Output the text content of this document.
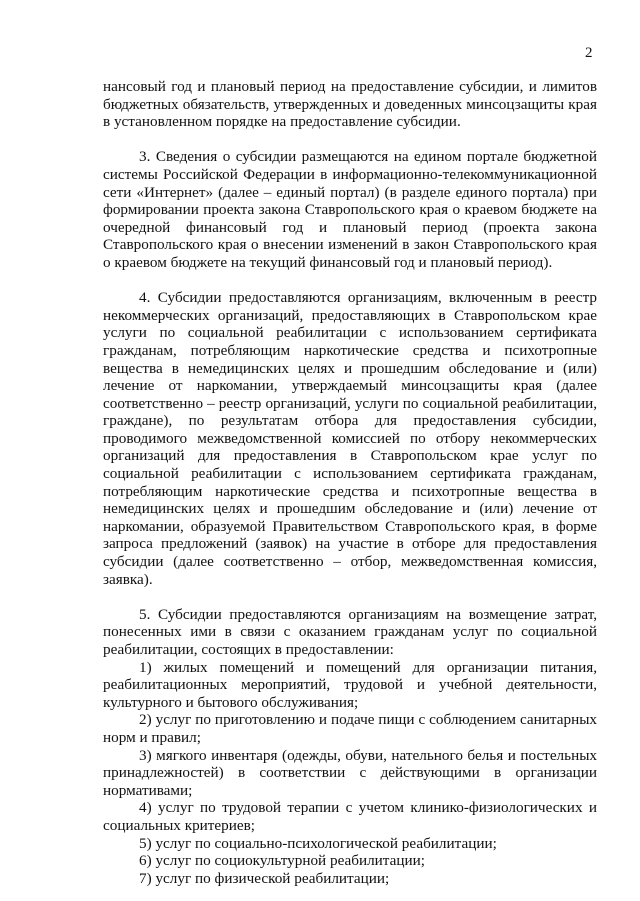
2

нансовый год и плановый период на предоставление субсидии, и лимитов бюджетных обязательств, утвержденных и доведенных минсоцзащиты края в установленном порядке на предоставление субсидии.

3. Сведения о субсидии размещаются на едином портале бюджетной системы Российской Федерации в информационно-телекоммуникационной сети «Интернет» (далее – единый портал) (в разделе единого портала) при формировании проекта закона Ставропольского края о краевом бюджете на очередной финансовый год и плановый период (проекта закона Ставропольского края о внесении изменений в закон Ставропольского края о краевом бюджете на текущий финансовый год и плановый период).

4. Субсидии предоставляются организациям, включенным в реестр некоммерческих организаций, предоставляющих в Ставропольском крае услуги по социальной реабилитации с использованием сертификата гражданам, потребляющим наркотические средства и психотропные вещества в немедицинских целях и прошедшим обследование и (или) лечение от наркомании, утверждаемый минсоцзащиты края (далее соответственно – реестр организаций, услуги по социальной реабилитации, граждане), по результатам отбора для предоставления субсидии, проводимого межведомственной комиссией по отбору некоммерческих организаций для предоставления в Ставропольском крае услуг по социальной реабилитации с использованием сертификата гражданам, потребляющим наркотические средства и психотропные вещества в немедицинских целях и прошедшим обследование и (или) лечение от наркомании, образуемой Правительством Ставропольского края, в форме запроса предложений (заявок) на участие в отборе для предоставления субсидии (далее соответственно – отбор, межведомственная комиссия, заявка).

5. Субсидии предоставляются организациям на возмещение затрат, понесенных ими в связи с оказанием гражданам услуг по социальной реабилитации, состоящих в предоставлении:

1) жилых помещений и помещений для организации питания, реабилитационных мероприятий, трудовой и учебной деятельности, культурного и бытового обслуживания;

2) услуг по приготовлению и подаче пищи с соблюдением санитарных норм и правил;

3) мягкого инвентаря (одежды, обуви, нательного белья и постельных принадлежностей) в соответствии с действующими в организации нормативами;

4) услуг по трудовой терапии с учетом клинико-физиологических и социальных критериев;

5) услуг по социально-психологической реабилитации;

6) услуг по социокультурной реабилитации;

7) услуг по физической реабилитации;
